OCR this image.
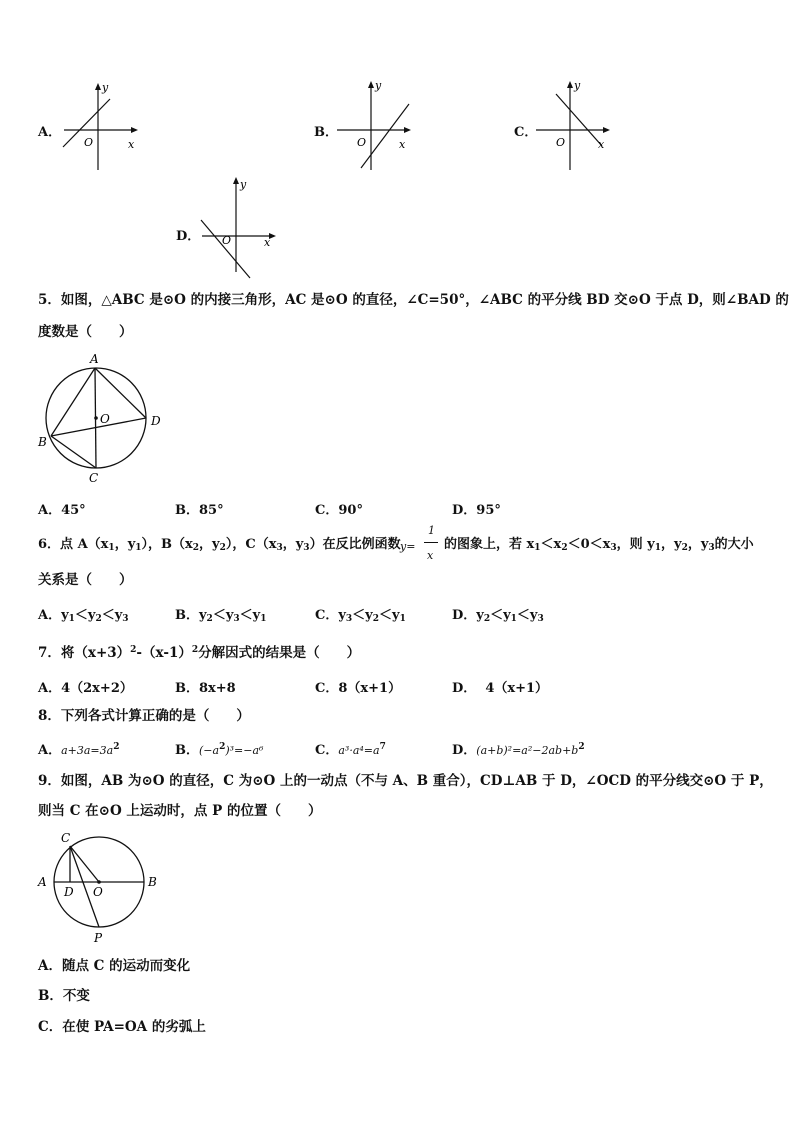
A．
y
O	x
B．
y
O	x
C．
y
O	x
D．
y
O	x
5．如图，△ABC 是⊙O 的内接三角形，AC 是⊙O 的直径，∠C=50°，∠ABC 的平分线 BD 交⊙O 于点 D，则∠BAD 的
度数是（　　）
A
O	D
B
C
A．45°	B．85°	C．90°	D．95°
6．点 $A(x_1$，$y_1$），$B(x_2$，$y_2$），$C(x_3$，$y_3$）在反比例函数 y=
1
x
的图象上，若 $x_1<x_2<0<x_3$，则 $y_1$，$y_2$，$y_3$的大小
关系是（　　）
A．$y_1<y_2<y_3$	B．$y_2<y_3<y_1$	C．$y_3<y_2<y_1$	D．$y_2<y_1<y_3$
7．将$(x+3)^2-(x-1)^2$分解因式的结果是（　　）
A．4（2x+2）	B．8x+8	C．8（x+1）	D．  4（x+1）
8．下列各式计算正确的是（　　）
A．$a+3a=3a^2$	B．$(-a^2)^3=-a^6$	C．$a^3\cdot a^4=a^7$	D．$(a+b)^2=a^2-2ab+b^2$
9．如图，AB 为⊙O 的直径，C 为⊙O 上的一动点（不与 A、B 重合），CD⊥AB 于 D，∠OCD 的平分线交⊙O 于 P，
则当 C 在⊙O 上运动时，点 P 的位置（　　）
C
A	B
D O
P
A．随点 C 的运动而变化
B．不变
C．在使 PA=OA 的劣弧上
